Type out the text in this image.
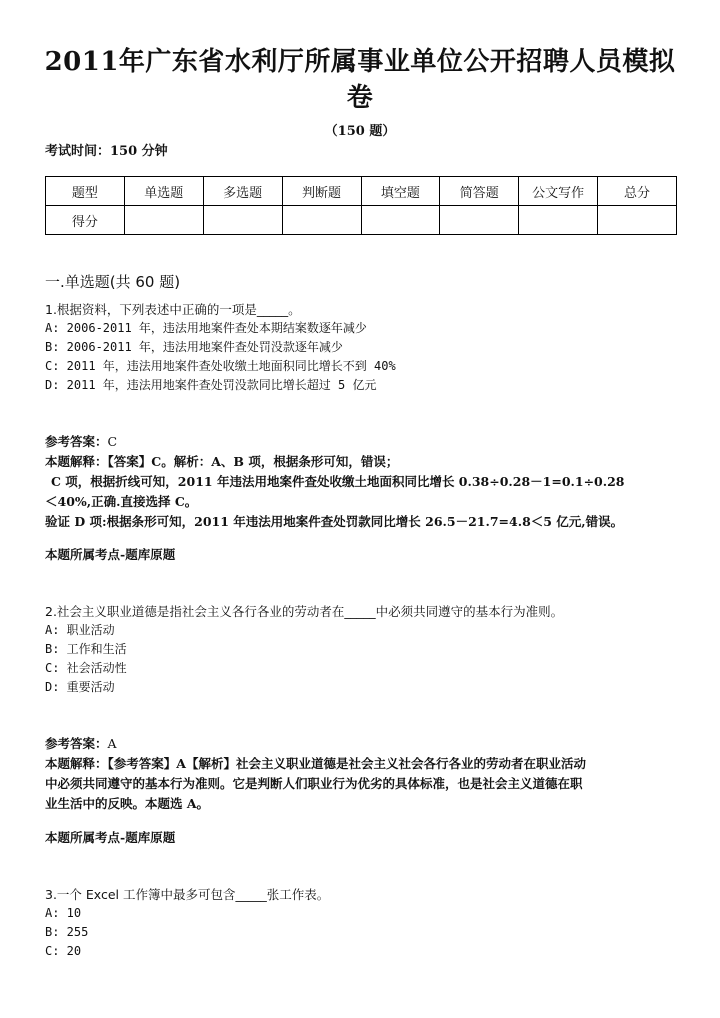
2011年广东省水利厅所属事业单位公开招聘人员模拟卷
（150 题）
考试时间：150 分钟
题型	单选题	多选题	判断题	填空题	简答题	公文写作	总分
得分							
一.单选题(共 60 题)
1.根据资料，下列表述中正确的一项是_____。
A: 2006-2011 年，违法用地案件查处本期结案数逐年减少
B: 2006-2011 年，违法用地案件查处罚没款逐年减少
C: 2011 年，违法用地案件查处收缴土地面积同比增长不到 40%
D: 2011 年，违法用地案件查处罚没款同比增长超过 5 亿元
参考答案：C
本题解释：【答案】C。解析：A、B 项，根据条形可知，错误；
C 项，根据折线可知，2011 年违法用地案件查处收缴土地面积同比增长 0.38÷0.28－1=0.1÷0.28
＜40%,正确.直接选择 C。
验证 D 项:根据条形可知，2011 年违法用地案件查处罚款同比增长 26.5－21.7=4.8＜5 亿元,错误。
本题所属考点-题库原题
2.社会主义职业道德是指社会主义各行各业的劳动者在_____中必须共同遵守的基本行为准则。
A: 职业活动
B: 工作和生活
C: 社会活动性
D: 重要活动
参考答案：A
本题解释：【参考答案】A【解析】社会主义职业道德是社会主义社会各行各业的劳动者在职业活动
中必须共同遵守的基本行为准则。它是判断人们职业行为优劣的具体标准，也是社会主义道德在职
业生活中的反映。本题选 A。
本题所属考点-题库原题
3.一个 Excel 工作簿中最多可包含_____张工作表。
A: 10
B: 255
C: 20
